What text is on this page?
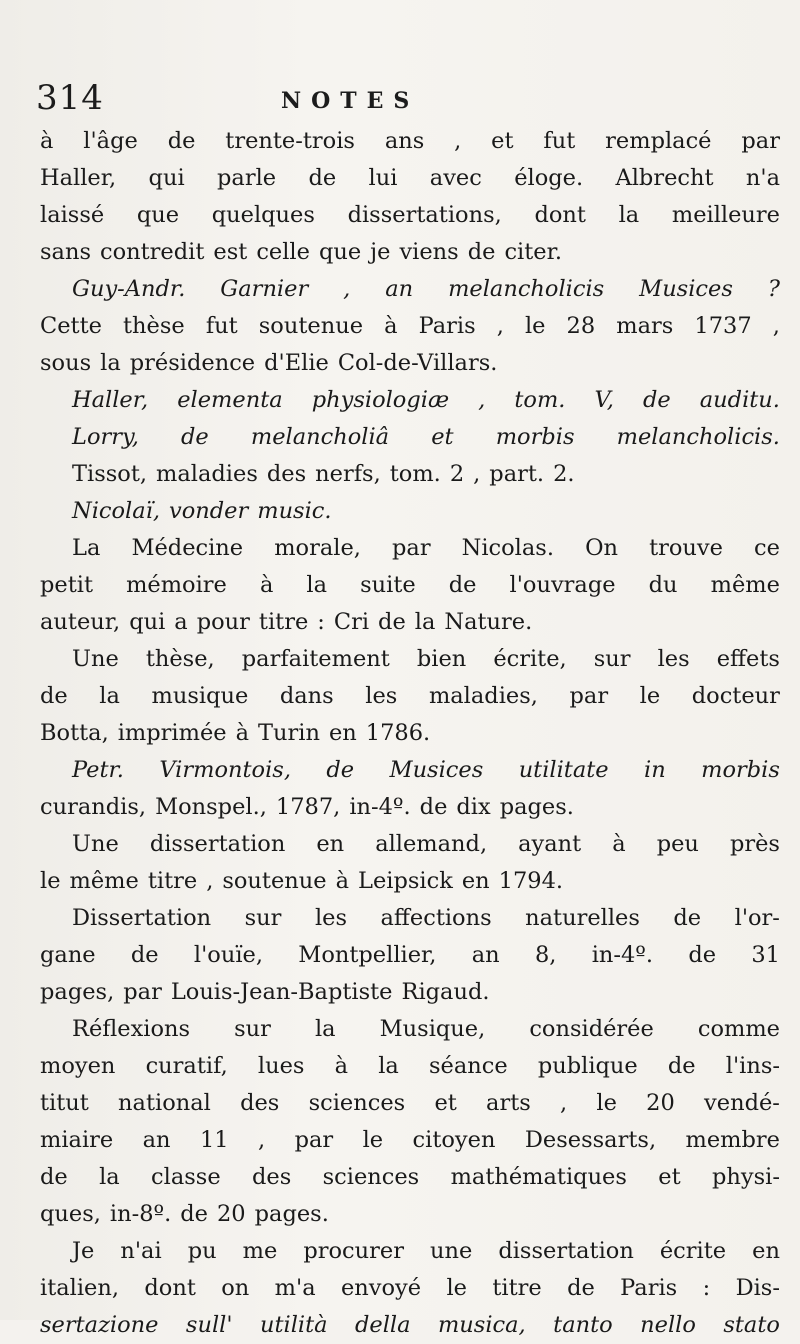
314	NOTES
à l'âge de trente-trois ans , et fut remplacé par
Haller, qui parle de lui avec éloge. Albrecht n'a
laissé que quelques dissertations, dont la meilleure
sans contredit est celle que je viens de citer.
Guy-Andr. Garnier , an melancholicis Musices ?
Cette thèse fut soutenue à Paris , le 28 mars 1737 ,
sous la présidence d'Elie Col-de-Villars.
Haller, elementa physiologiæ , tom. V, de auditu.
Lorry, de melancholiâ et morbis melancholicis.
Tissot, maladies des nerfs, tom. 2 , part. 2.
Nicolaï, vonder music.
La Médecine morale, par Nicolas. On trouve ce
petit mémoire à la suite de l'ouvrage du même
auteur, qui a pour titre : Cri de la Nature.
Une thèse, parfaitement bien écrite, sur les effets
de la musique dans les maladies, par le docteur
Botta, imprimée à Turin en 1786.
Petr. Virmontois, de Musices utilitate in morbis
curandis, Monspel., 1787, in-4º. de dix pages.
Une dissertation en allemand, ayant à peu près
le même titre , soutenue à Leipsick en 1794.
Dissertation sur les affections naturelles de l'or-
gane de l'ouïe, Montpellier, an 8, in-4º. de 31
pages, par Louis-Jean-Baptiste Rigaud.
Réflexions sur la Musique, considérée comme
moyen curatif, lues à la séance publique de l'ins-
titut national des sciences et arts , le 20 vendé-
miaire an 11 , par le citoyen Desessarts, membre
de la classe des sciences mathématiques et physi-
ques, in-8º. de 20 pages.
Je n'ai pu me procurer une dissertation écrite en
italien, dont on m'a envoyé le titre de Paris : Dis-
sertazione sull' utilità della musica, tanto nello stato
